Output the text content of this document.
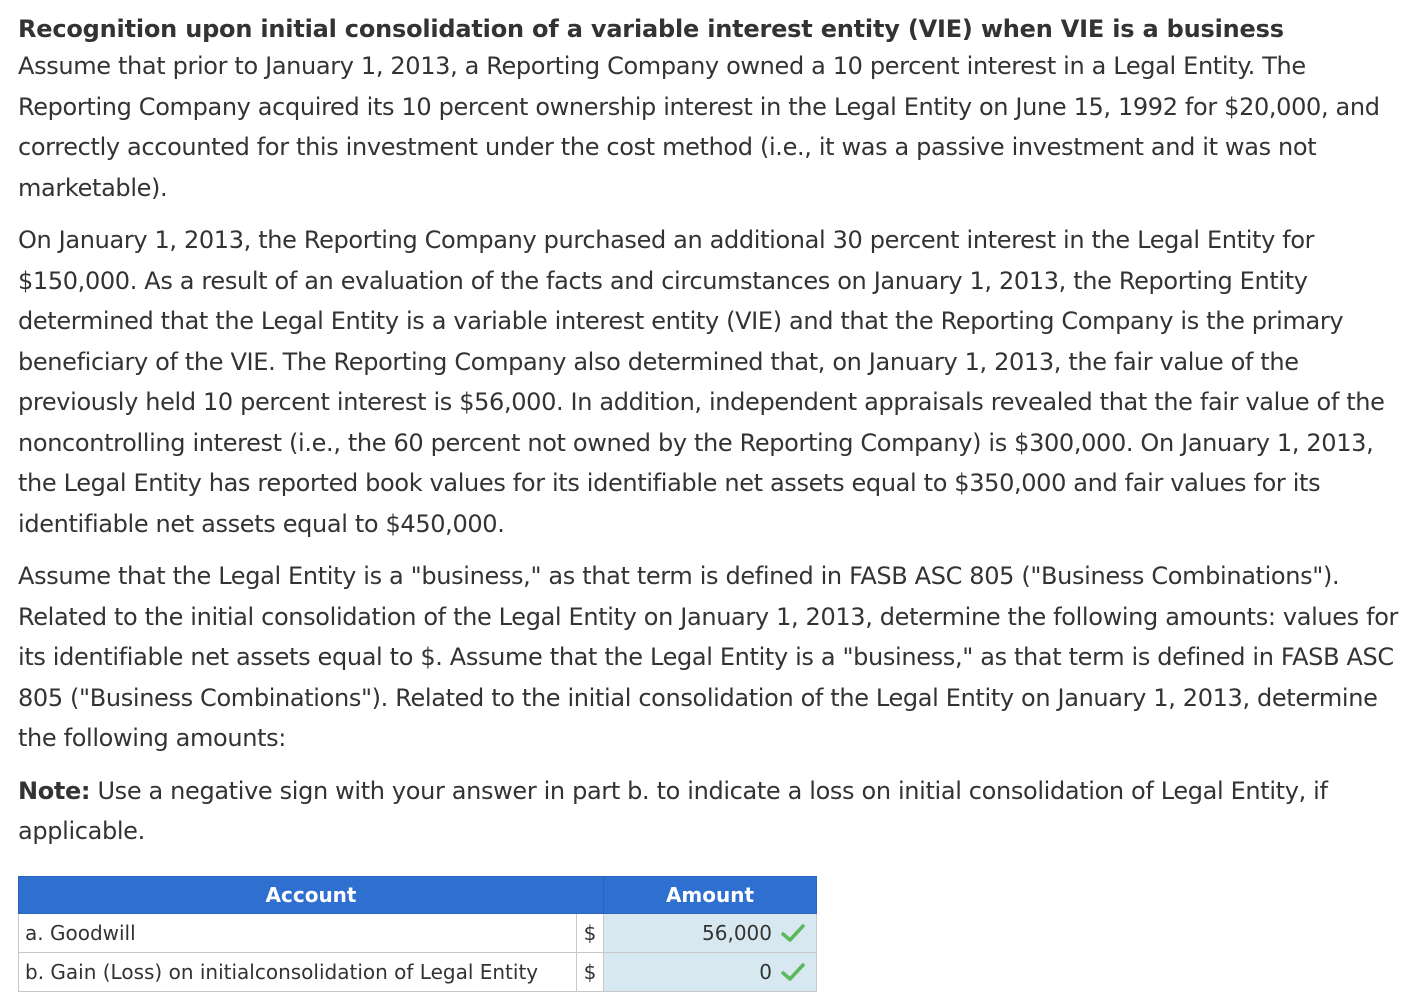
Recognition upon initial consolidation of a variable interest entity (VIE) when VIE is a business

Assume that prior to January 1, 2013, a Reporting Company owned a 10 percent interest in a Legal Entity. The Reporting Company acquired its 10 percent ownership interest in the Legal Entity on June 15, 1992 for $20,000, and correctly accounted for this investment under the cost method (i.e., it was a passive investment and it was not marketable).

On January 1, 2013, the Reporting Company purchased an additional 30 percent interest in the Legal Entity for $150,000. As a result of an evaluation of the facts and circumstances on January 1, 2013, the Reporting Entity determined that the Legal Entity is a variable interest entity (VIE) and that the Reporting Company is the primary beneficiary of the VIE. The Reporting Company also determined that, on January 1, 2013, the fair value of the previously held 10 percent interest is $56,000. In addition, independent appraisals revealed that the fair value of the noncontrolling interest (i.e., the 60 percent not owned by the Reporting Company) is $300,000. On January 1, 2013, the Legal Entity has reported book values for its identifiable net assets equal to $350,000 and fair values for its identifiable net assets equal to $450,000.

Assume that the Legal Entity is a "business," as that term is defined in FASB ASC 805 ("Business Combinations"). Related to the initial consolidation of the Legal Entity on January 1, 2013, determine the following amounts: values for its identifiable net assets equal to $. Assume that the Legal Entity is a "business," as that term is defined in FASB ASC 805 ("Business Combinations"). Related to the initial consolidation of the Legal Entity on January 1, 2013, determine the following amounts:

Note: Use a negative sign with your answer in part b. to indicate a loss on initial consolidation of Legal Entity, if applicable.

Account		Amount
a. Goodwill	$	56,000

b. Gain (Loss) on initialconsolidation of Legal Entity	$	0
